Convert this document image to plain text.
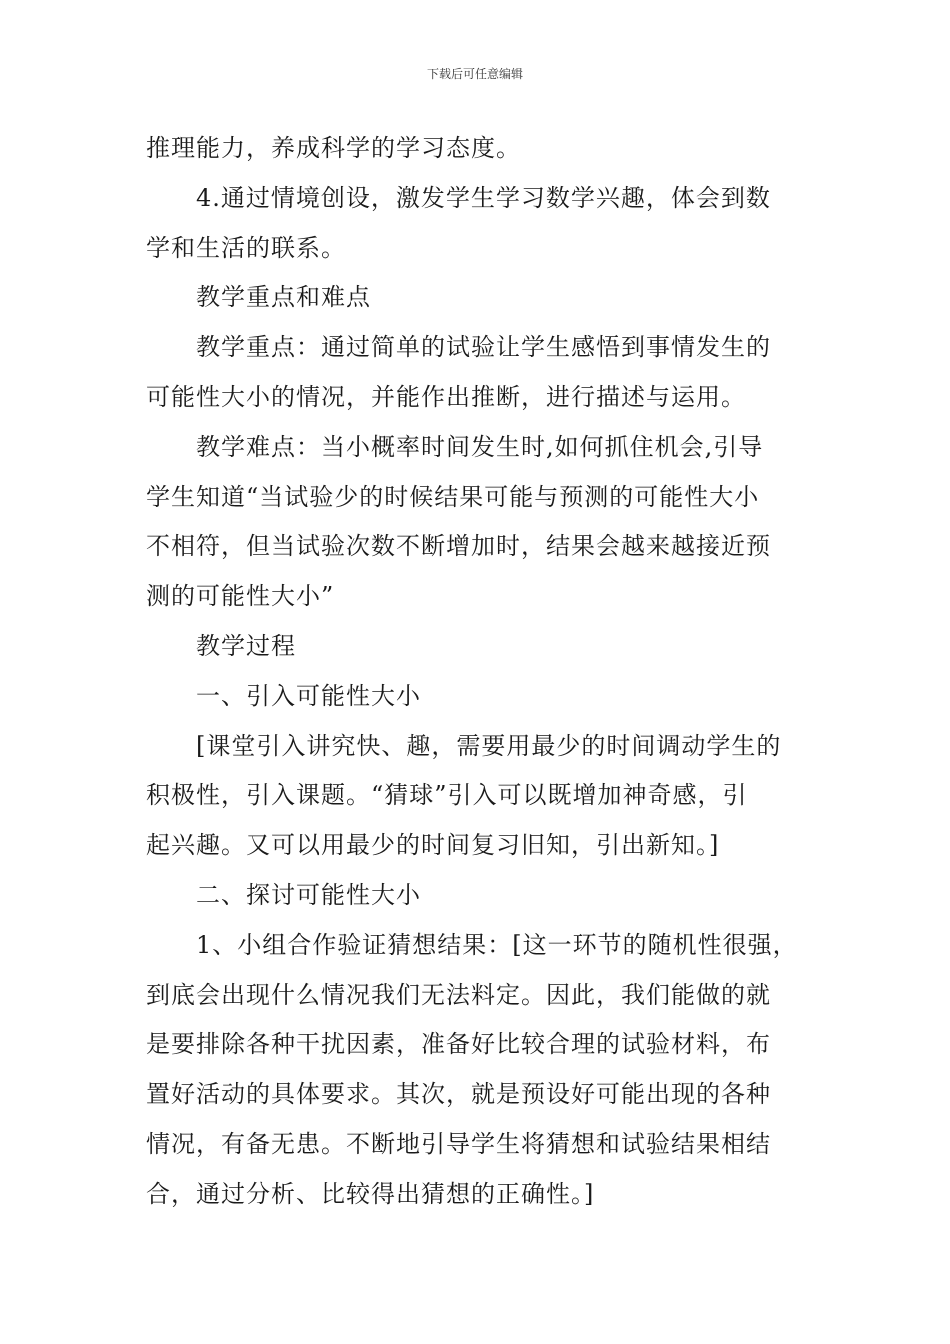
下载后可任意编辑
推理能力，养成科学的学习态度。
4.通过情境创设，激发学生学习数学兴趣，体会到数
学和生活的联系。
教学重点和难点
教学重点：通过简单的试验让学生感悟到事情发生的
可能性大小的情况，并能作出推断，进行描述与运用。
教学难点：当小概率时间发生时,如何抓住机会,引导
学生知道“当试验少的时候结果可能与预测的可能性大小
不相符，但当试验次数不断增加时，结果会越来越接近预
测的可能性大小”
教学过程
一、引入可能性大小
[课堂引入讲究快、趣，需要用最少的时间调动学生的
积极性，引入课题。“猜球”引入可以既增加神奇感，引
起兴趣。又可以用最少的时间复习旧知，引出新知。]
二、探讨可能性大小
1、小组合作验证猜想结果：[这一环节的随机性很强，
到底会出现什么情况我们无法料定。因此，我们能做的就
是要排除各种干扰因素，准备好比较合理的试验材料，布
置好活动的具体要求。其次，就是预设好可能出现的各种
情况，有备无患。不断地引导学生将猜想和试验结果相结
合，通过分析、比较得出猜想的正确性。]
